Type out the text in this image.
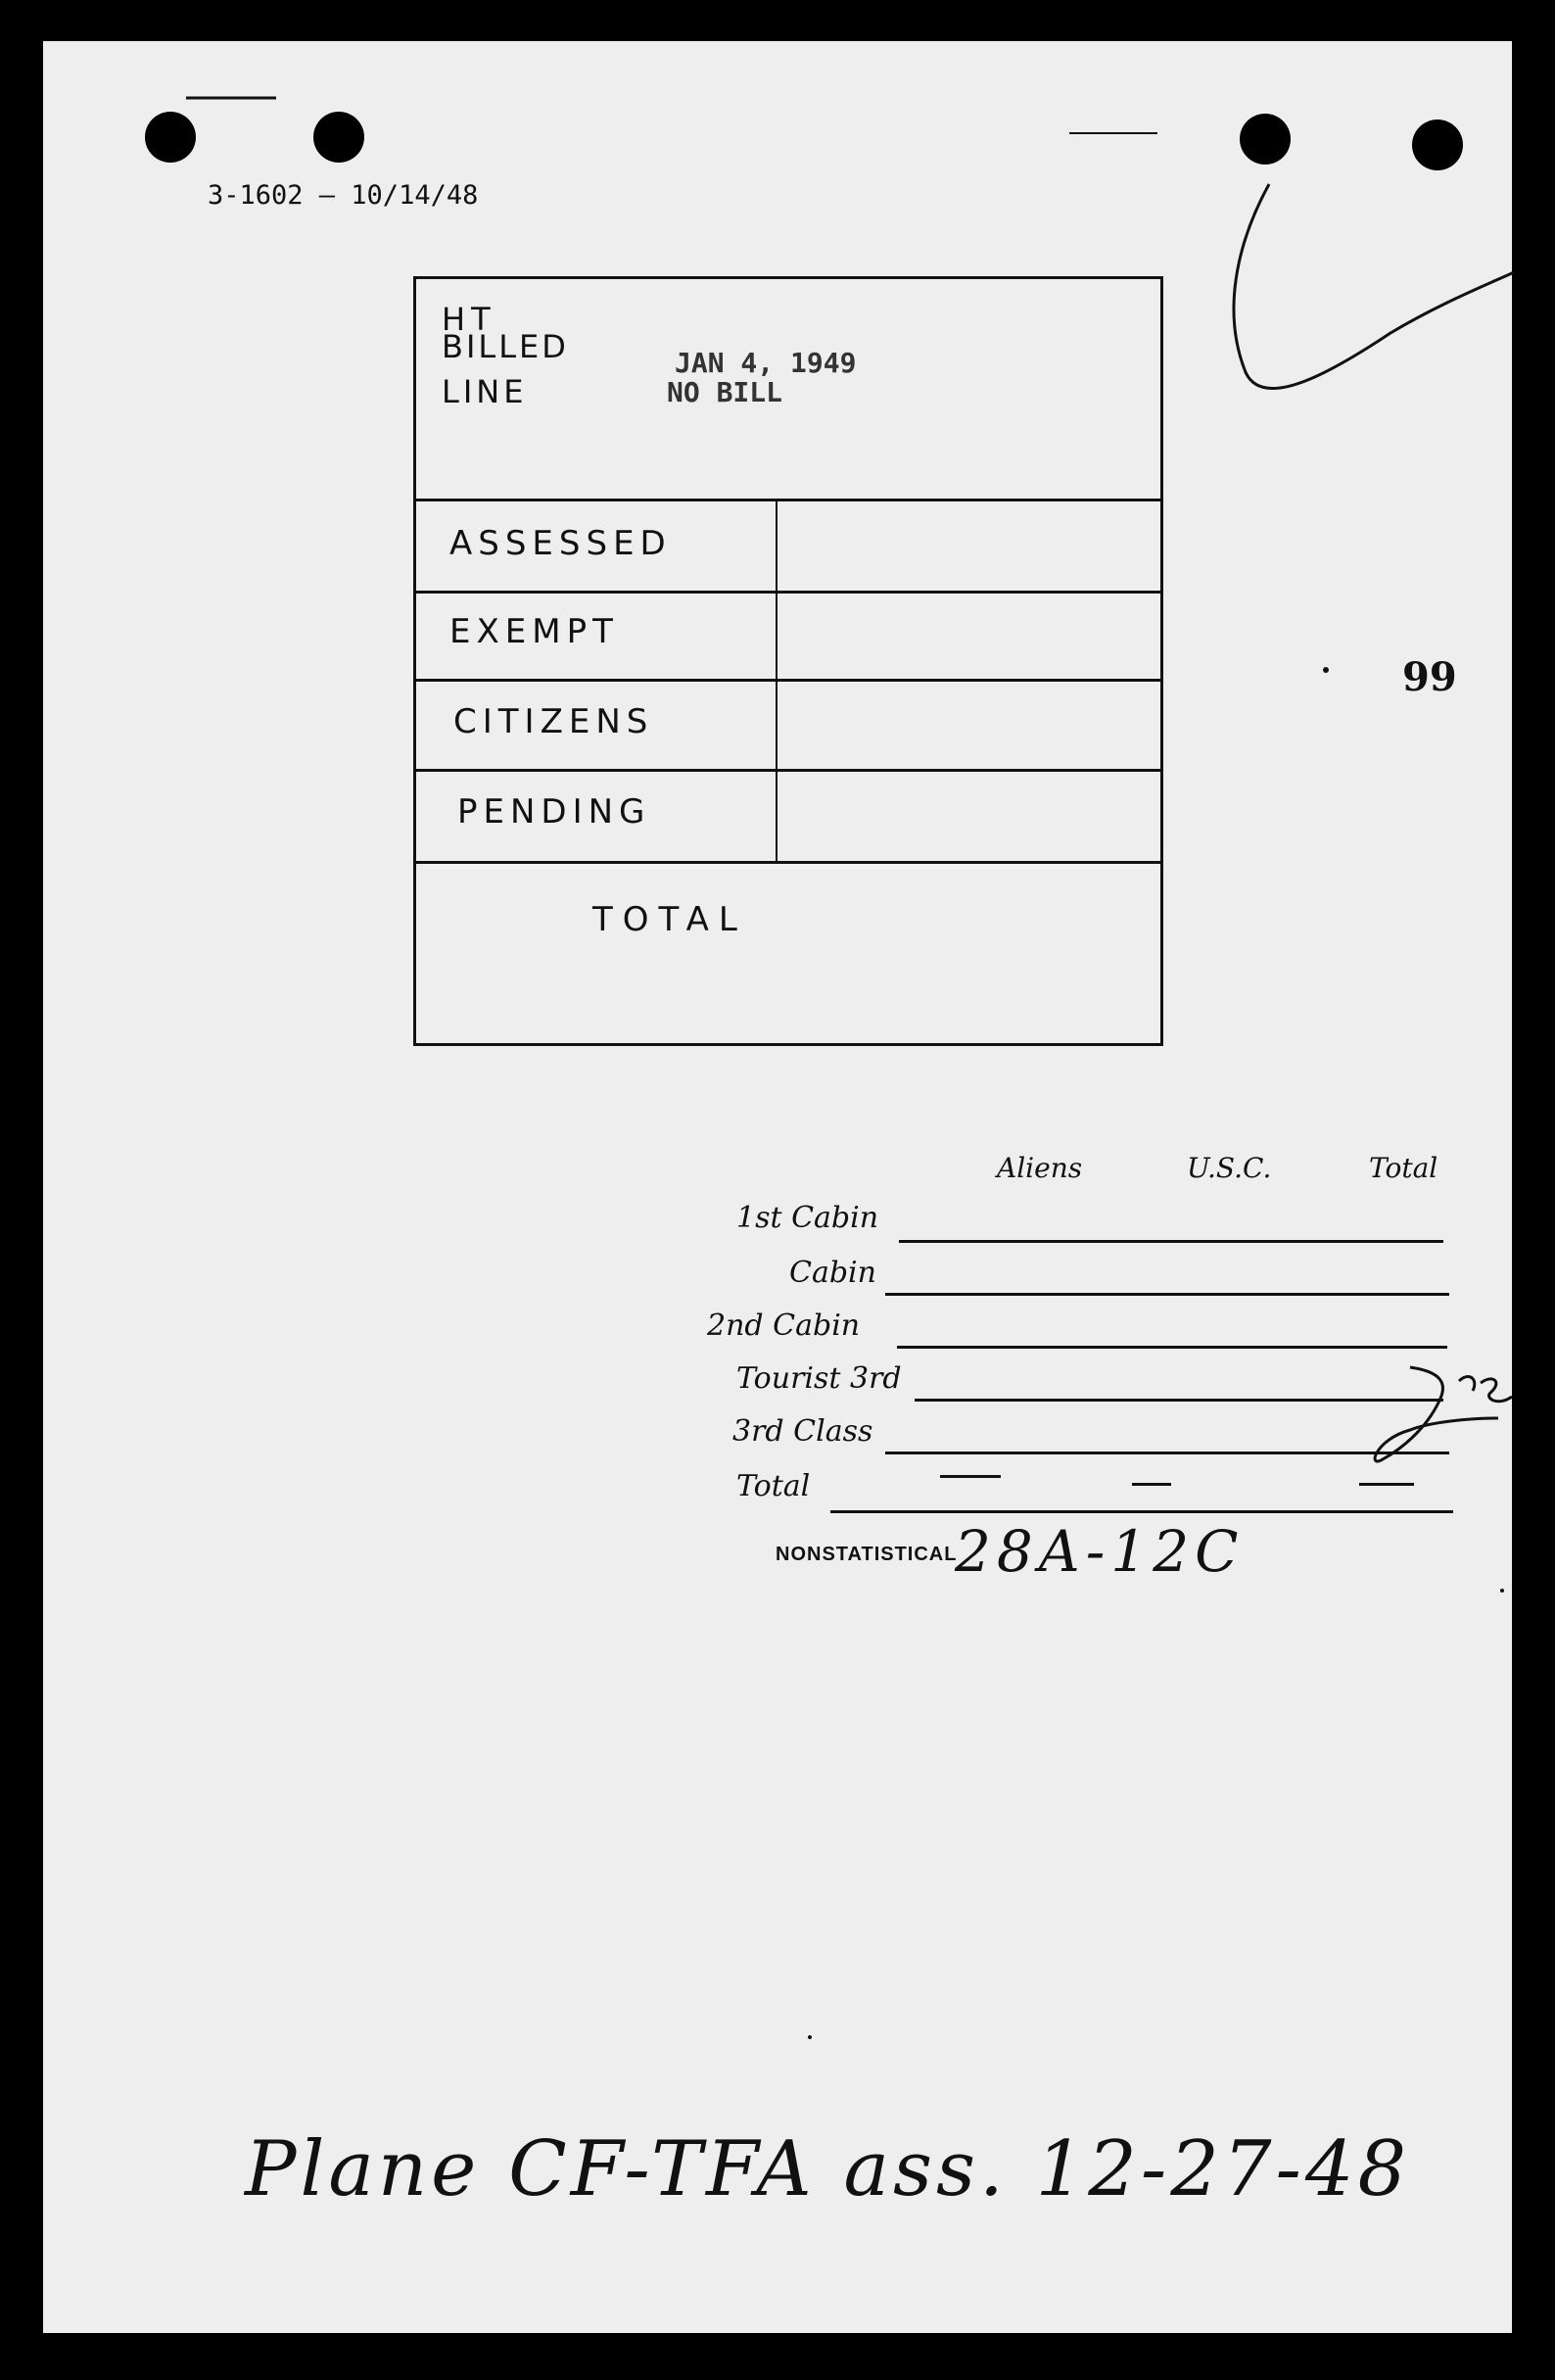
3-1602 — 10/14/48
HT
BILLED
LINE
JAN 4, 1949
NO BILL
ASSESSED
EXEMPT
CITIZENS
PENDING
TOTAL
99
Aliens	U.S.C.	Total
1st Cabin
Cabin
2nd Cabin
Tourist 3rd
3rd Class
Total
NONSTATISTICAL
28A-12C
Plane CF-TFA ass. 12-27-48
